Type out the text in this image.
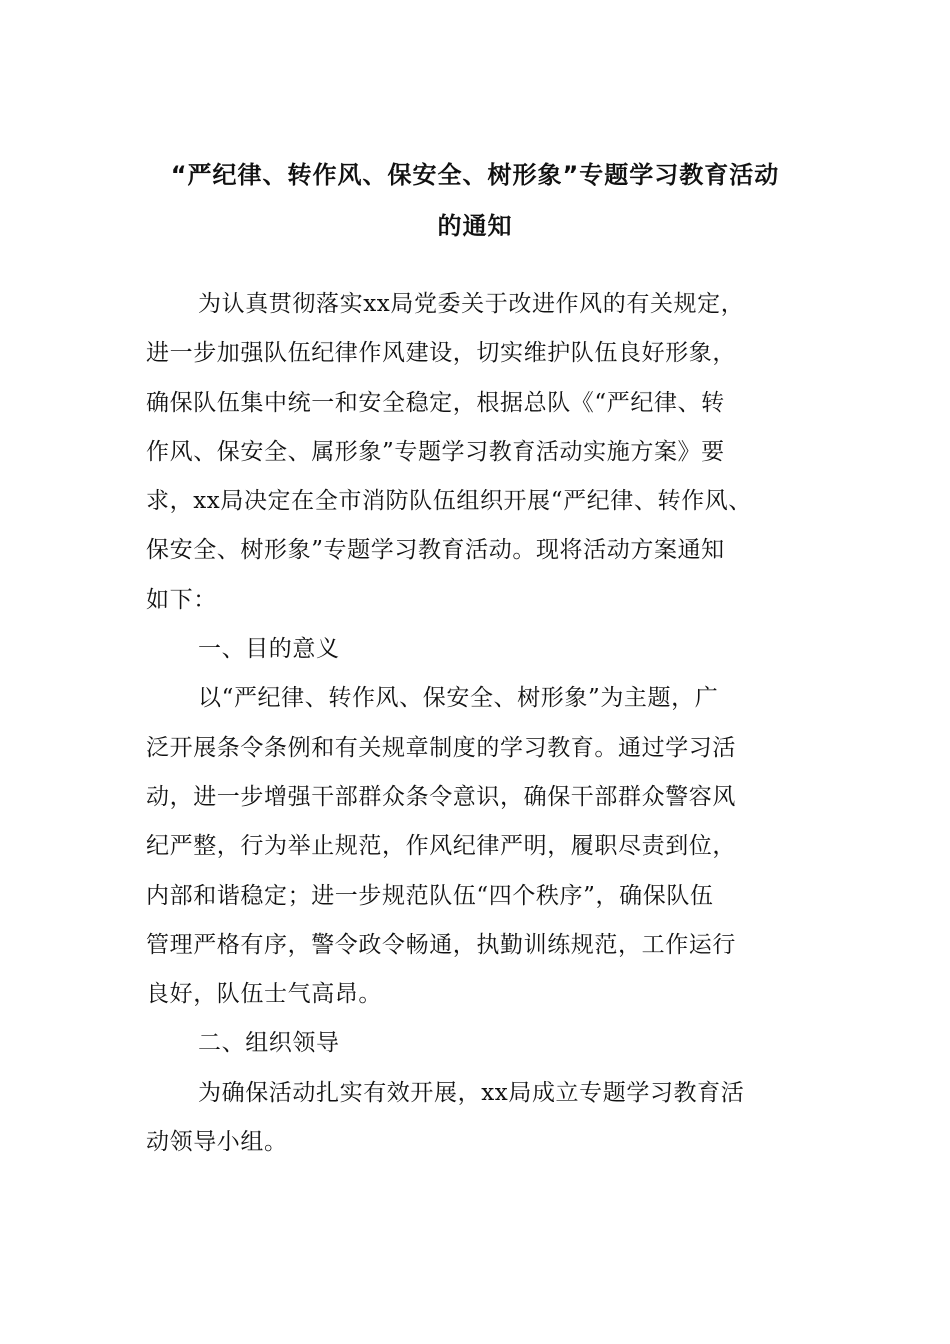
“严纪律、转作风、保安全、树形象”专题学习教育活动
的通知
为认真贯彻落实xx局党委关于改进作风的有关规定，
进一步加强队伍纪律作风建设，切实维护队伍良好形象，
确保队伍集中统一和安全稳定，根据总队《“严纪律、转
作风、保安全、属形象”专题学习教育活动实施方案》要
求，xx局决定在全市消防队伍组织开展“严纪律、转作风、
保安全、树形象”专题学习教育活动。现将活动方案通知
如下：
一、目的意义
以“严纪律、转作风、保安全、树形象”为主题，广
泛开展条令条例和有关规章制度的学习教育。通过学习活
动，进一步增强干部群众条令意识，确保干部群众警容风
纪严整，行为举止规范，作风纪律严明，履职尽责到位，
内部和谐稳定；进一步规范队伍“四个秩序”，确保队伍
管理严格有序，警令政令畅通，执勤训练规范，工作运行
良好，队伍士气高昂。
二、组织领导
为确保活动扎实有效开展，xx局成立专题学习教育活
动领导小组。
